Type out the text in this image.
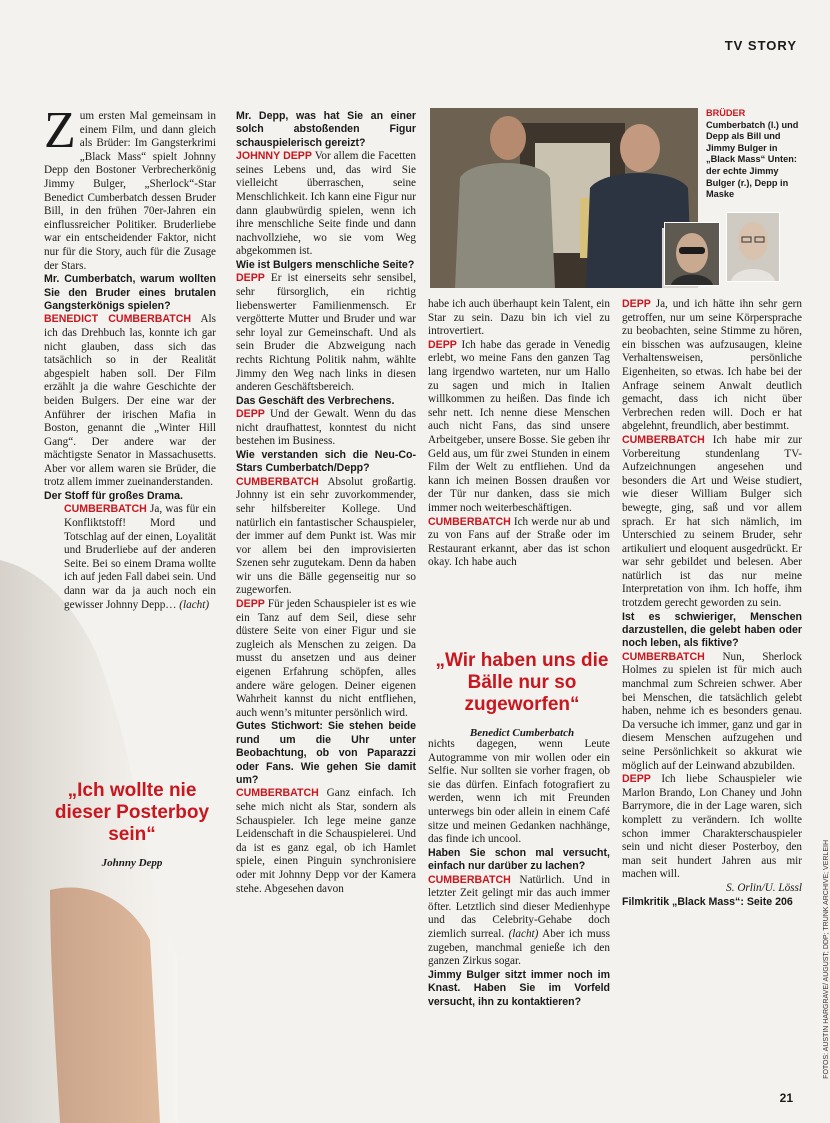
TV STORY
BRÜDER Cumberbatch (l.) und Depp als Bill und Jimmy Bulger in „Black Mass“ Unten: der echte Jimmy Bulger (r.), Depp in Maske

Zum ersten Mal gemeinsam in einem Film, und dann gleich als Brüder: Im Gangsterkrimi „Black Mass“ spielt Johnny Depp den Bostoner Verbrecherkönig Jimmy Bulger, „Sherlock“-Star Benedict Cumberbatch dessen Bruder Bill, in den frühen 70er-Jahren ein einflussreicher Politiker. Bruderliebe war ein entscheidender Faktor, nicht nur für die Story, auch für die Zusage der Stars.

Mr. Cumberbatch, warum wollten Sie den Bruder eines brutalen Gangsterkönigs spielen?

BENEDICT CUMBERBATCH Als ich das Drehbuch las, konnte ich gar nicht glauben, dass sich das tatsächlich so in der Realität abgespielt haben soll. Der Film erzählt ja die wahre Geschichte der beiden Bulgers. Der eine war der Anführer der irischen Mafia in Boston, genannt die „Winter Hill Gang“. Der andere war der mächtigste Senator in Massachusetts. Aber vor allem waren sie Brüder, die trotz allem immer zueinanderstanden.

Der Stoff für großes Drama.

CUMBERBATCH Ja, was für ein Konfliktstoff! Mord und Totschlag auf der einen, Loyalität und Bruderliebe auf der anderen Seite. Bei so einem Drama wollte ich auf jeden Fall dabei sein. Und dann war da ja auch noch ein gewisser Johnny Depp… (lacht)

„Ich wollte nie dieser Posterboy sein“
Johnny Depp

Mr. Depp, was hat Sie an einer solch abstoßenden Figur schauspielerisch gereizt?

JOHNNY DEPP Vor allem die Facetten seines Lebens und, das wird Sie vielleicht überraschen, seine Menschlichkeit. Ich kann eine Figur nur dann glaubwürdig spielen, wenn ich ihre menschliche Seite finde und dann nachvollziehe, wo sie vom Weg abgekommen ist.

Wie ist Bulgers menschliche Seite?

DEPP Er ist einerseits sehr sensibel, sehr fürsorglich, ein richtig liebenswerter Familienmensch. Er vergötterte Mutter und Bruder und war sehr loyal zur Gemeinschaft. Und als sein Bruder die Abzweigung nach rechts Richtung Politik nahm, wählte Jimmy den Weg nach links in diesen anderen Geschäftsbereich.

Das Geschäft des Verbrechens.

DEPP Und der Gewalt. Wenn du das nicht draufhattest, konntest du nicht bestehen im Business.

Wie verstanden sich die Neu-Co-Stars Cumberbatch/Depp?

CUMBERBATCH Absolut großartig. Johnny ist ein sehr zuvorkommender, sehr hilfsbereiter Kollege. Und natürlich ein fantastischer Schauspieler, der immer auf dem Punkt ist. Was mir vor allem bei den improvisierten Szenen sehr zugutekam. Denn da haben wir uns die Bälle gegenseitig nur so zugeworfen.

DEPP Für jeden Schauspieler ist es wie ein Tanz auf dem Seil, diese sehr düstere Seite von einer Figur und sie zugleich als Menschen zu zeigen. Da musst du ansetzen und aus deiner eigenen Erfahrung schöpfen, alles andere wäre gelogen. Deiner eigenen Wahrheit kannst du nicht entfliehen, auch wenn’s mitunter persönlich wird.

Gutes Stichwort: Sie stehen beide rund um die Uhr unter Beobachtung, ob von Paparazzi oder Fans. Wie gehen Sie damit um?

CUMBERBATCH Ganz einfach. Ich sehe mich nicht als Star, sondern als Schauspieler. Ich lege meine ganze Leidenschaft in die Schauspielerei. Und da ist es ganz egal, ob ich Hamlet spiele, einen Pinguin synchronisiere oder mit Johnny Depp vor der Kamera stehe. Abgesehen davon

habe ich auch überhaupt kein Talent, ein Star zu sein. Dazu bin ich viel zu introvertiert.

DEPP Ich habe das gerade in Venedig erlebt, wo meine Fans den ganzen Tag lang irgendwo warteten, nur um Hallo zu sagen und mich in Italien willkommen zu heißen. Das finde ich sehr nett. Ich nenne diese Menschen auch nicht Fans, das sind unsere Arbeitgeber, unsere Bosse. Sie geben ihr Geld aus, um für zwei Stunden in einem Film der Welt zu entfliehen. Und da kann ich meinen Bossen draußen vor der Tür nur danken, dass sie mich immer noch weiterbeschäftigen.

CUMBERBATCH Ich werde nur ab und zu von Fans auf der Straße oder im Restaurant erkannt, aber das ist schon okay. Ich habe auch

„Wir haben uns die Bälle nur so zugeworfen“
Benedict Cumberbatch

nichts dagegen, wenn Leute Autogramme von mir wollen oder ein Selfie. Nur sollten sie vorher fragen, ob sie das dürfen. Einfach fotografiert zu werden, wenn ich mit Freunden unterwegs bin oder allein in einem Café sitze und meinen Gedanken nachhänge, das finde ich uncool.

Haben Sie schon mal versucht, einfach nur darüber zu lachen?

CUMBERBATCH Natürlich. Und in letzter Zeit gelingt mir das auch immer öfter. Letztlich sind dieser Medienhype und das Celebrity-Gehabe doch ziemlich surreal. (lacht) Aber ich muss zugeben, manchmal genieße ich den ganzen Zirkus sogar.

Jimmy Bulger sitzt immer noch im Knast. Haben Sie im Vorfeld versucht, ihn zu kontaktieren?

DEPP Ja, und ich hätte ihn sehr gern getroffen, nur um seine Körpersprache zu beobachten, seine Stimme zu hören, ein bisschen was aufzusaugen, kleine Verhaltensweisen, persönliche Eigenheiten, so etwas. Ich habe bei der Anfrage seinem Anwalt deutlich gemacht, dass ich nicht über Verbrechen reden will. Doch er hat abgelehnt, freundlich, aber bestimmt.

CUMBERBATCH Ich habe mir zur Vorbereitung stundenlang TV-Aufzeichnungen angesehen und besonders die Art und Weise studiert, wie dieser William Bulger sich bewegte, ging, saß und vor allem sprach. Er hat sich nämlich, im Unterschied zu seinem Bruder, sehr artikuliert und eloquent ausgedrückt. Er war sehr gebildet und belesen. Aber natürlich ist das nur meine Interpretation von ihm. Ich hoffe, ihm trotzdem gerecht geworden zu sein.

Ist es schwieriger, Menschen darzustellen, die gelebt haben oder noch leben, als fiktive?

CUMBERBATCH Nun, Sherlock Holmes zu spielen ist für mich auch manchmal zum Schreien schwer. Aber bei Menschen, die tatsächlich gelebt haben, nehme ich es besonders genau. Da versuche ich immer, ganz und gar in diesem Menschen aufzugehen und seine Persönlichkeit so akkurat wie möglich auf der Leinwand abzubilden.

DEPP Ich liebe Schauspieler wie Marlon Brando, Lon Chaney und John Barrymore, die in der Lage waren, sich komplett zu verändern. Ich wollte schon immer Charakterschauspieler sein und nicht dieser Posterboy, den man seit hundert Jahren aus mir machen will.

S. Orlin/U. Lössl

Filmkritik „Black Mass“: Seite 206	FOTOS: AUSTIN HARGRAVE/ AUGUST; DDP; TRUNK ARCHIVE; VERLEIH
21
